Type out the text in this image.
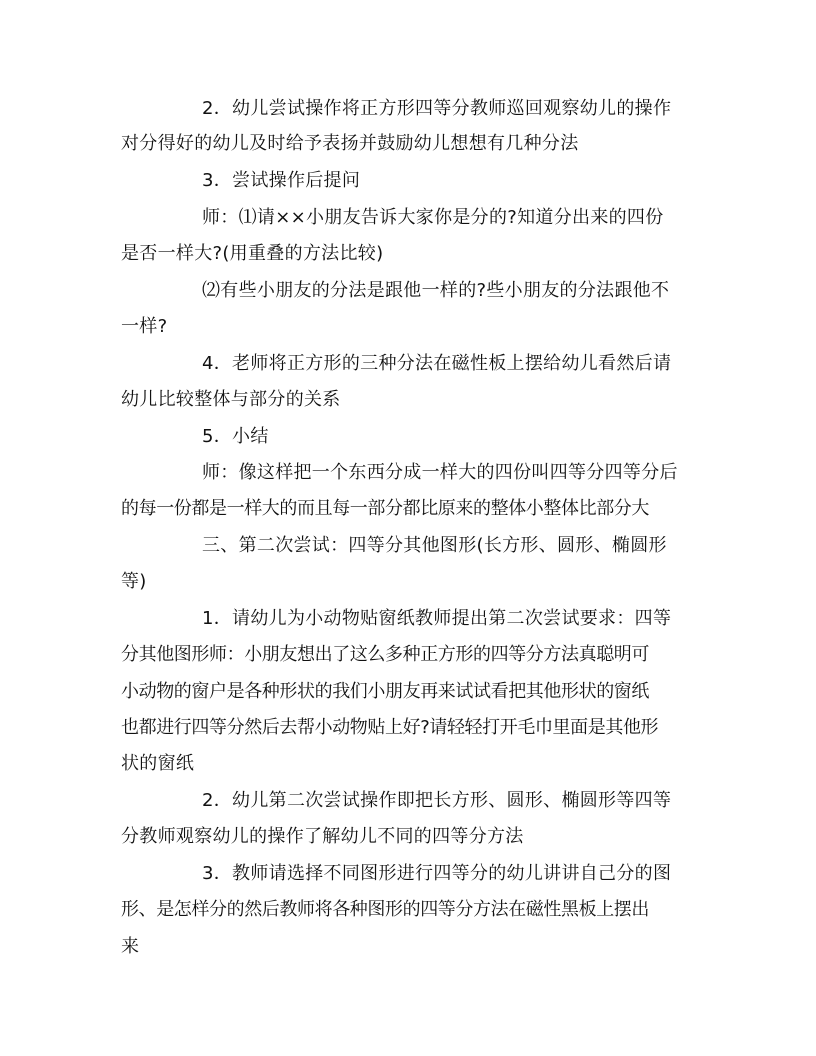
2．幼儿尝试操作将正方形四等分教师巡回观察幼儿的操作
对分得好的幼儿及时给予表扬并鼓励幼儿想想有几种分法
3．尝试操作后提问
师：⑴请××小朋友告诉大家你是分的?知道分出来的四份
是否一样大?(用重叠的方法比较)
⑵有些小朋友的分法是跟他一样的?些小朋友的分法跟他不
一样?
4．老师将正方形的三种分法在磁性板上摆给幼儿看然后请
幼儿比较整体与部分的关系
5．小结
师：像这样把一个东西分成一样大的四份叫四等分四等分后
的每一份都是一样大的而且每一部分都比原来的整体小整体比部分大
三、第二次尝试：四等分其他图形(长方形、圆形、椭圆形
等)
1．请幼儿为小动物贴窗纸教师提出第二次尝试要求：四等
分其他图形师：小朋友想出了这么多种正方形的四等分方法真聪明可
小动物的窗户是各种形状的我们小朋友再来试试看把其他形状的窗纸
也都进行四等分然后去帮小动物贴上好?请轻轻打开毛巾里面是其他形
状的窗纸
2．幼儿第二次尝试操作即把长方形、圆形、椭圆形等四等
分教师观察幼儿的操作了解幼儿不同的四等分方法
3．教师请选择不同图形进行四等分的幼儿讲讲自己分的图
形、是怎样分的然后教师将各种图形的四等分方法在磁性黑板上摆出
来
